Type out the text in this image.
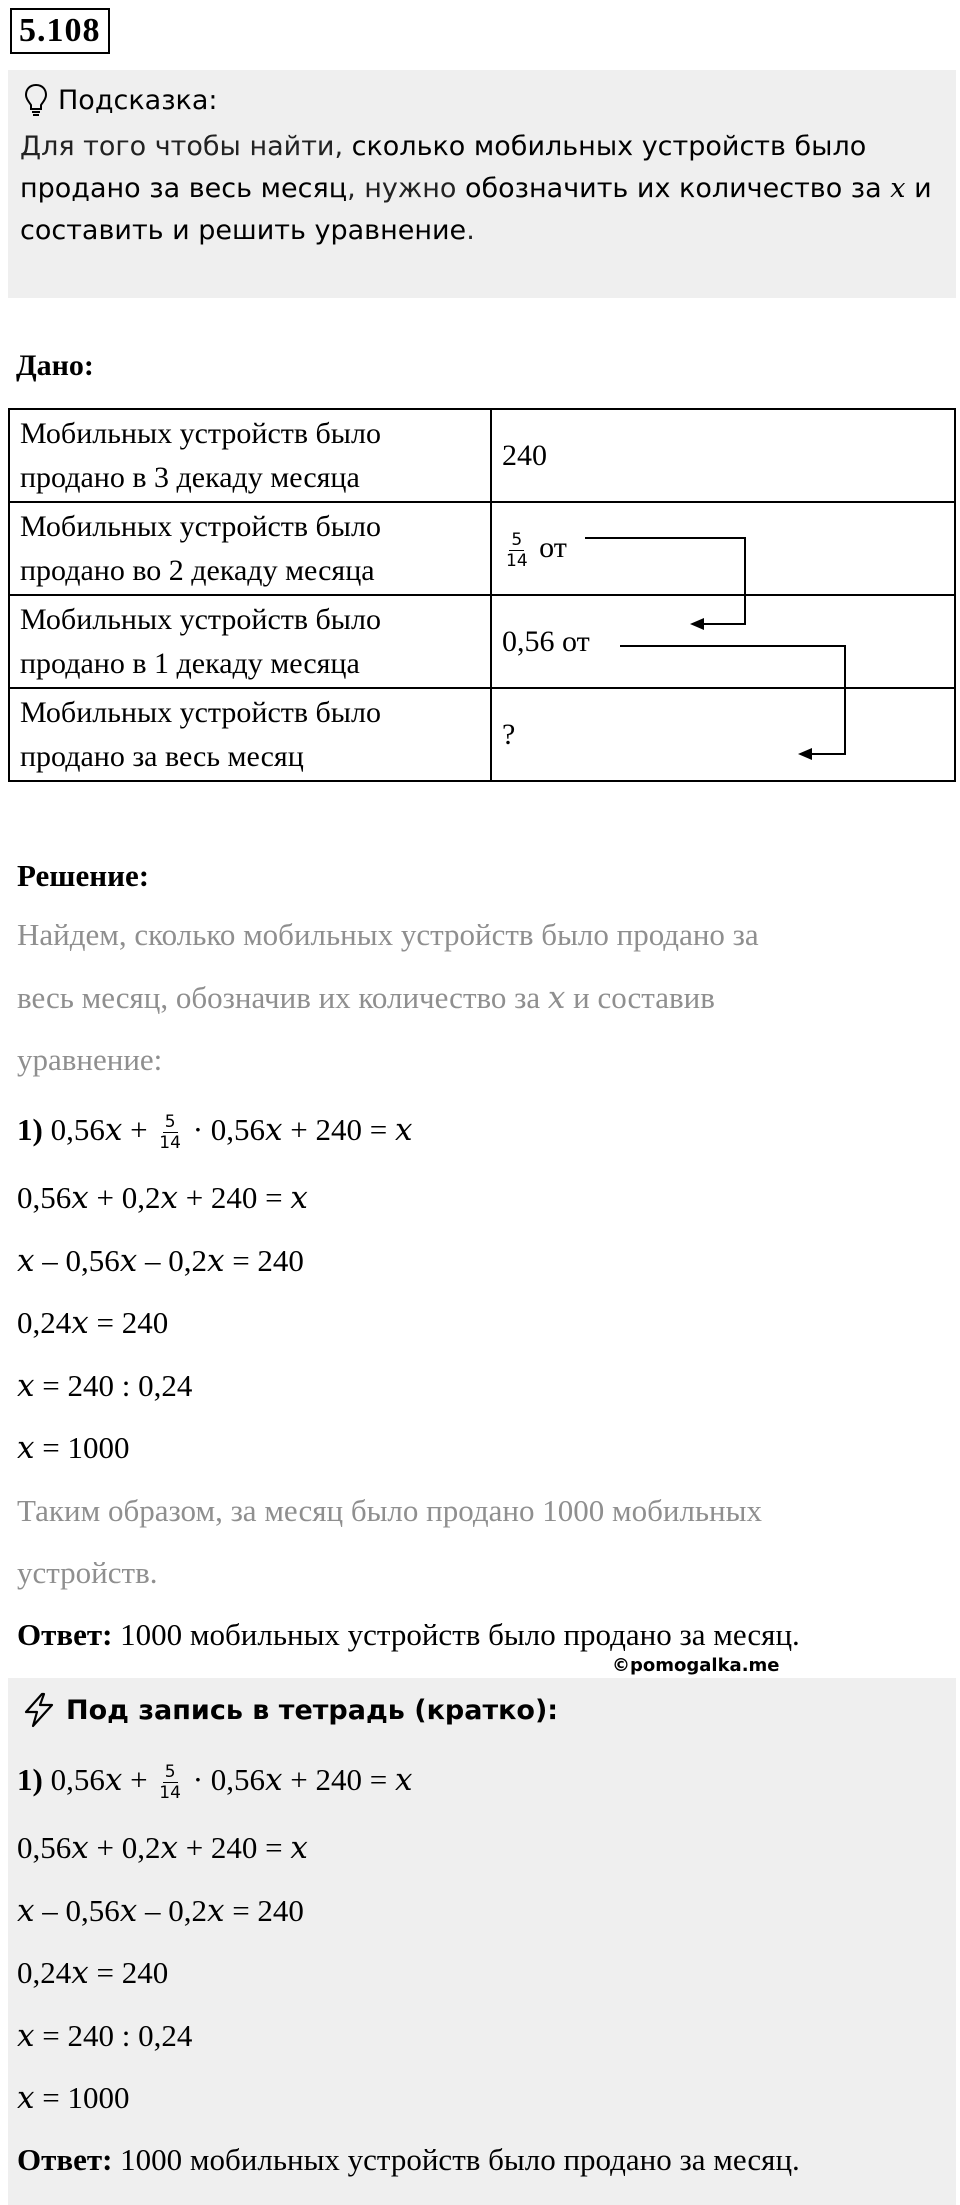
5.108
Подсказка:
Для того чтобы найти, сколько мобильных устройств было продано за весь месяц, нужно обозначить их количество за x и составить и решить уравнение.
Дано:
Мобильных устройств было
продано в 3 декаду месяца	240
Мобильных устройств было
продано во 2 декаду месяца	$\frac{5}{14}$ от
Мобильных устройств было
продано в 1 декаду месяца	0,56 от
Мобильных устройств было
продано за весь месяц	?
Решение:
Найдем, сколько мобильных устройств было продано за
весь месяц, обозначив их количество за x и составив
уравнение:
1) $0,56x + \frac{5}{14} \cdot 0,56x + 240 = x$
0,56x + 0,2x + 240 = x
x – 0,56x – 0,2x = 240
0,24x = 240
x = 240 : 0,24
x = 1000
Таким образом, за месяц было продано 1000 мобильных
устройств.
Ответ: 1000 мобильных устройств было продано за месяц.
©pomogalka.me
Под запись в тетрадь (кратко):
1) $0,56x + \frac{5}{14} \cdot 0,56x + 240 = x$
0,56x + 0,2x + 240 = x
x – 0,56x – 0,2x = 240
0,24x = 240
x = 240 : 0,24
x = 1000
Ответ: 1000 мобильных устройств было продано за месяц.
